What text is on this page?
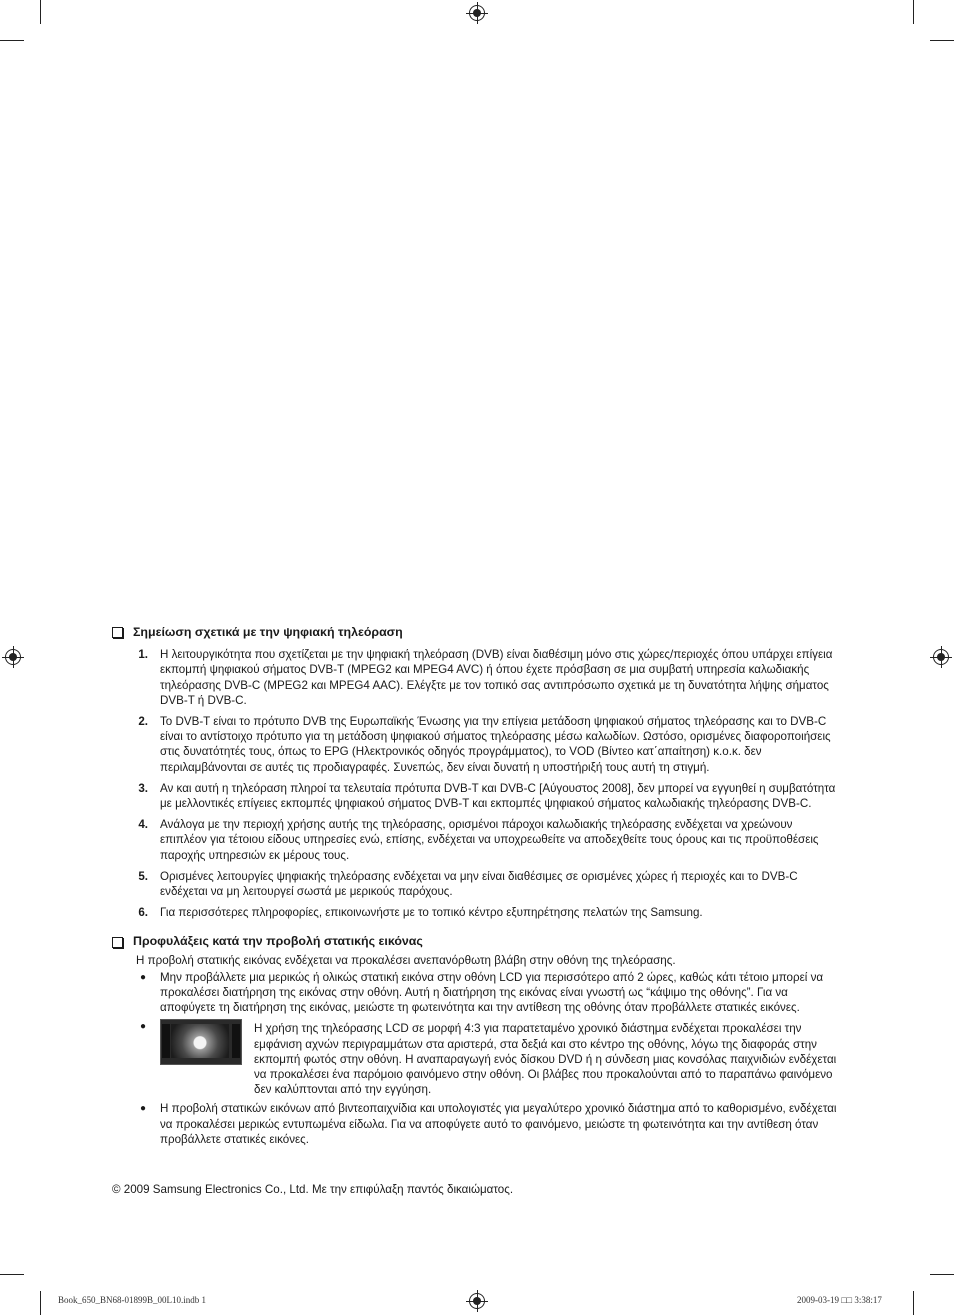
Σημείωση σχετικά με την ψηφιακή τηλεόραση
1.	Η λειτουργικότητα που σχετίζεται με την ψηφιακή τηλεόραση (DVB) είναι διαθέσιμη μόνο στις χώρες/περιοχές όπου υπάρχει επίγεια εκπομπή ψηφιακού σήματος DVB-T (MPEG2 και MPEG4 AVC) ή όπου έχετε πρόσβαση σε μια συμβατή υπηρεσία καλωδιακής τηλεόρασης DVB-C (MPEG2 και MPEG4 AAC). Ελέγξτε με τον τοπικό σας αντιπρόσωπο σχετικά με τη δυνατότητα λήψης σήματος DVB-T ή DVB-C.
2.	Το DVB-T είναι το πρότυπο DVB της Ευρωπαϊκής Ένωσης για την επίγεια μετάδοση ψηφιακού σήματος τηλεόρασης και το DVB-C είναι το αντίστοιχο πρότυπο για τη μετάδοση ψηφιακού σήματος τηλεόρασης μέσω καλωδίων. Ωστόσο, ορισμένες διαφοροποιήσεις στις δυνατότητές τους, όπως το EPG (Ηλεκτρονικός οδηγός προγράμματος), το VOD (Βίντεο κατ΄απαίτηση) κ.ο.κ. δεν περιλαμβάνονται σε αυτές τις προδιαγραφές. Συνεπώς, δεν είναι δυνατή η υποστήριξή τους αυτή τη στιγμή.
3.	Αν και αυτή η τηλεόραση πληροί τα τελευταία πρότυπα DVB-T και DVB-C [Αύγουστος 2008], δεν μπορεί να εγγυηθεί η συμβατότητα με μελλοντικές επίγειες εκπομπές ψηφιακού σήματος DVB-T και εκπομπές ψηφιακού σήματος καλωδιακής τηλεόρασης DVB-C.
4.	Ανάλογα με την περιοχή χρήσης αυτής της τηλεόρασης, ορισμένοι πάροχοι καλωδιακής τηλεόρασης ενδέχεται να χρεώνουν επιπλέον για τέτοιου είδους υπηρεσίες ενώ, επίσης, ενδέχεται να υποχρεωθείτε να αποδεχθείτε τους όρους και τις προϋποθέσεις παροχής υπηρεσιών εκ μέρους τους.
5.	Ορισμένες λειτουργίες ψηφιακής τηλεόρασης ενδέχεται να μην είναι διαθέσιμες σε ορισμένες χώρες ή περιοχές και το DVB-C ενδέχεται να μη λειτουργεί σωστά με μερικούς παρόχους.
6.	Για περισσότερες πληροφορίες, επικοινωνήστε με το τοπικό κέντρο εξυπηρέτησης πελατών της Samsung.
Προφυλάξεις κατά την προβολή στατικής εικόνας
Η προβολή στατικής εικόνας ενδέχεται να προκαλέσει ανεπανόρθωτη βλάβη στην οθόνη της τηλεόρασης.
●	Μην προβάλλετε μια μερικώς ή ολικώς στατική εικόνα στην οθόνη LCD για περισσότερο από 2 ώρες, καθώς κάτι τέτοιο μπορεί να προκαλέσει διατήρηση της εικόνας στην οθόνη. Αυτή η διατήρηση της εικόνας είναι γνωστή ως “κάψιμο της οθόνης”. Για να αποφύγετε τη διατήρηση της εικόνας, μειώστε τη φωτεινότητα και την αντίθεση της οθόνης όταν προβάλλετε στατικές εικόνες.
●	Η χρήση της τηλεόρασης LCD σε μορφή 4:3 για παρατεταμένο χρονικό διάστημα ενδέχεται προκαλέσει την εμφάνιση αχνών περιγραμμάτων στα αριστερά, στα δεξιά και στο κέντρο της οθόνης, λόγω της διαφοράς στην εκπομπή φωτός στην οθόνη. Η αναπαραγωγή ενός δίσκου DVD ή η σύνδεση μιας κονσόλας παιχνιδιών ενδέχεται να προκαλέσει ένα παρόμοιο φαινόμενο στην οθόνη. Οι βλάβες που προκαλούνται από το παραπάνω φαινόμενο δεν καλύπτονται από την εγγύηση.
●	Η προβολή στατικών εικόνων από βιντεοπαιχνίδια και υπολογιστές για μεγαλύτερο χρονικό διάστημα από το καθορισμένο, ενδέχεται να προκαλέσει μερικώς εντυπωμένα είδωλα. Για να αποφύγετε αυτό το φαινόμενο, μειώστε τη φωτεινότητα και την αντίθεση όταν προβάλλετε στατικές εικόνες.
© 2009 Samsung Electronics Co., Ltd. Με την επιφύλαξη παντός δικαιώματος.
Book_650_BN68-01899B_00L10.indb 1	2009-03-19 □□ 3:38:17
